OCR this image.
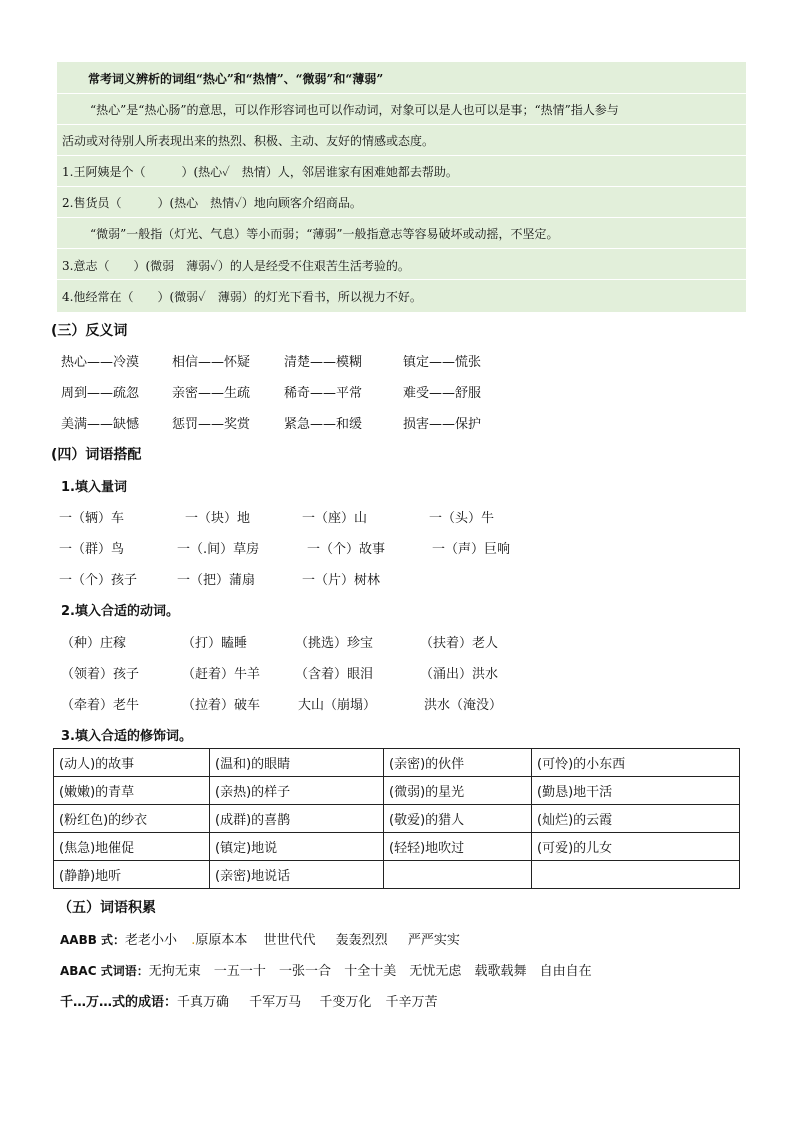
常考词义辨析的词组“热心”和“热情”、“微弱”和“薄弱”
“热心”是“热心肠”的意思，可以作形容词也可以作动词，对象可以是人也可以是事；“热情”指人参与
活动或对待别人所表现出来的热烈、积极、主动、友好的情感或态度。
1.王阿姨是个（　　　）(热心✓　热情）人，邻居谁家有困难她都去帮助。
2.售货员（　　　）(热心　热情✓）地向顾客介绍商品。
“微弱”一般指（灯光、气息）等小而弱；“薄弱”一般指意志等容易破坏或动摇，不坚定。
3.意志（　　）(微弱　薄弱✓）的人是经受不住艰苦生活考验的。
4.他经常在（　　）(微弱✓　薄弱）的灯光下看书，所以视力不好。
(三）反义词
热心——冷漠	相信——怀疑	清楚——模糊	镇定——慌张
周到——疏忽	亲密——生疏	稀奇——平常	难受——舒服
美满——缺憾	惩罚——奖赏	紧急——和缓	损害——保护
(四）词语搭配
1.填入量词
一（辆）车	一（块）地	一（座）山	一（头）牛
一（群）鸟	一（.间）草房	一（个）故事	一（声）巨响
一（个）孩子	一（把）蒲扇	一（片）树林
2.填入合适的动词。
（种）庄稼	（打）瞌睡	（挑选）珍宝	（扶着）老人
（领着）孩子	（赶着）牛羊	（含着）眼泪	（涌出）洪水
（牵着）老牛	（拉着）破车	大山（崩塌）	洪水（淹没）
3.填入合适的修饰词。
(动人)的故事	(温和)的眼睛	(亲密)的伙伴	(可怜)的小东西
(嫩嫩)的青草	(亲热)的样子	(微弱)的星光	(勤恳)地干活
(粉红色)的纱衣	(成群)的喜鹊	(敬爱)的猎人	(灿烂)的云霞
(焦急)地催促	(镇定)地说	(轻轻)地吹过	(可爱)的儿女
(静静)地听	(亲密)地说话		
（五）词语积累
AABB 式：老老小小 .原原本本 世世代代 轰轰烈烈 严严实实
ABAC 式词语：无拘无束 一五一十 一张一合 十全十美 无忧无虑 载歌载舞 自由自在
千…万…式的成语：千真万确 千军万马 千变万化 千辛万苦
